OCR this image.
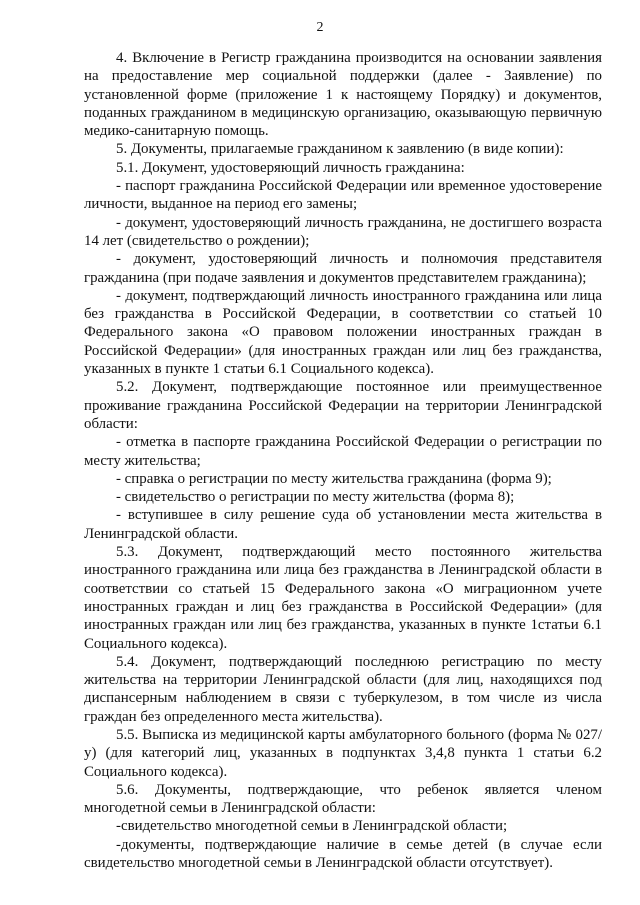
2

4. Включение в Регистр гражданина производится на основании заявления на предоставление мер социальной поддержки (далее - Заявление) по установленной форме (приложение 1 к настоящему Порядку) и документов, поданных гражданином в медицинскую организацию, оказывающую первичную медико-санитарную помощь.

5. Документы, прилагаемые гражданином к заявлению (в виде копии):

5.1. Документ, удостоверяющий личность гражданина:

- паспорт гражданина Российской Федерации или временное удостоверение личности, выданное на период его замены;

- документ, удостоверяющий личность гражданина, не достигшего возраста 14 лет (свидетельство о рождении);

- документ, удостоверяющий личность и полномочия представителя гражданина (при подаче заявления и документов представителем гражданина);

- документ, подтверждающий личность иностранного гражданина или лица без гражданства в Российской Федерации, в соответствии со статьей 10 Федерального закона «О правовом положении иностранных граждан в Российской Федерации» (для иностранных граждан или лиц без гражданства, указанных в пункте 1 статьи 6.1 Социального кодекса).

5.2. Документ, подтверждающие постоянное или преимущественное проживание гражданина Российской Федерации на территории Ленинградской области:

- отметка в паспорте гражданина Российской Федерации о регистрации по месту жительства;

- справка о регистрации по месту жительства гражданина (форма 9);

- свидетельство о регистрации по месту жительства (форма 8);

- вступившее в силу решение суда об установлении места жительства в Ленинградской области.

5.3. Документ, подтверждающий место постоянного жительства иностранного гражданина или лица без гражданства в Ленинградской области в соответствии со статьей 15 Федерального закона «О миграционном учете иностранных граждан и лиц без гражданства в Российской Федерации» (для иностранных граждан или лиц без гражданства, указанных в пункте 1статьи 6.1 Социального кодекса).

5.4. Документ, подтверждающий последнюю регистрацию по месту жительства на территории Ленинградской области (для лиц, находящихся под диспансерным наблюдением в связи с туберкулезом, в том числе из числа граждан без определенного места жительства).

5.5. Выписка из медицинской карты амбулаторного больного (форма № 027/у) (для категорий лиц, указанных в подпунктах 3,4,8 пункта 1 статьи 6.2 Социального кодекса).

5.6. Документы, подтверждающие, что ребенок является членом многодетной семьи в Ленинградской области:

-свидетельство многодетной семьи в Ленинградской области;

-документы, подтверждающие наличие в семье детей (в случае если свидетельство многодетной семьи в Ленинградской области отсутствует).
